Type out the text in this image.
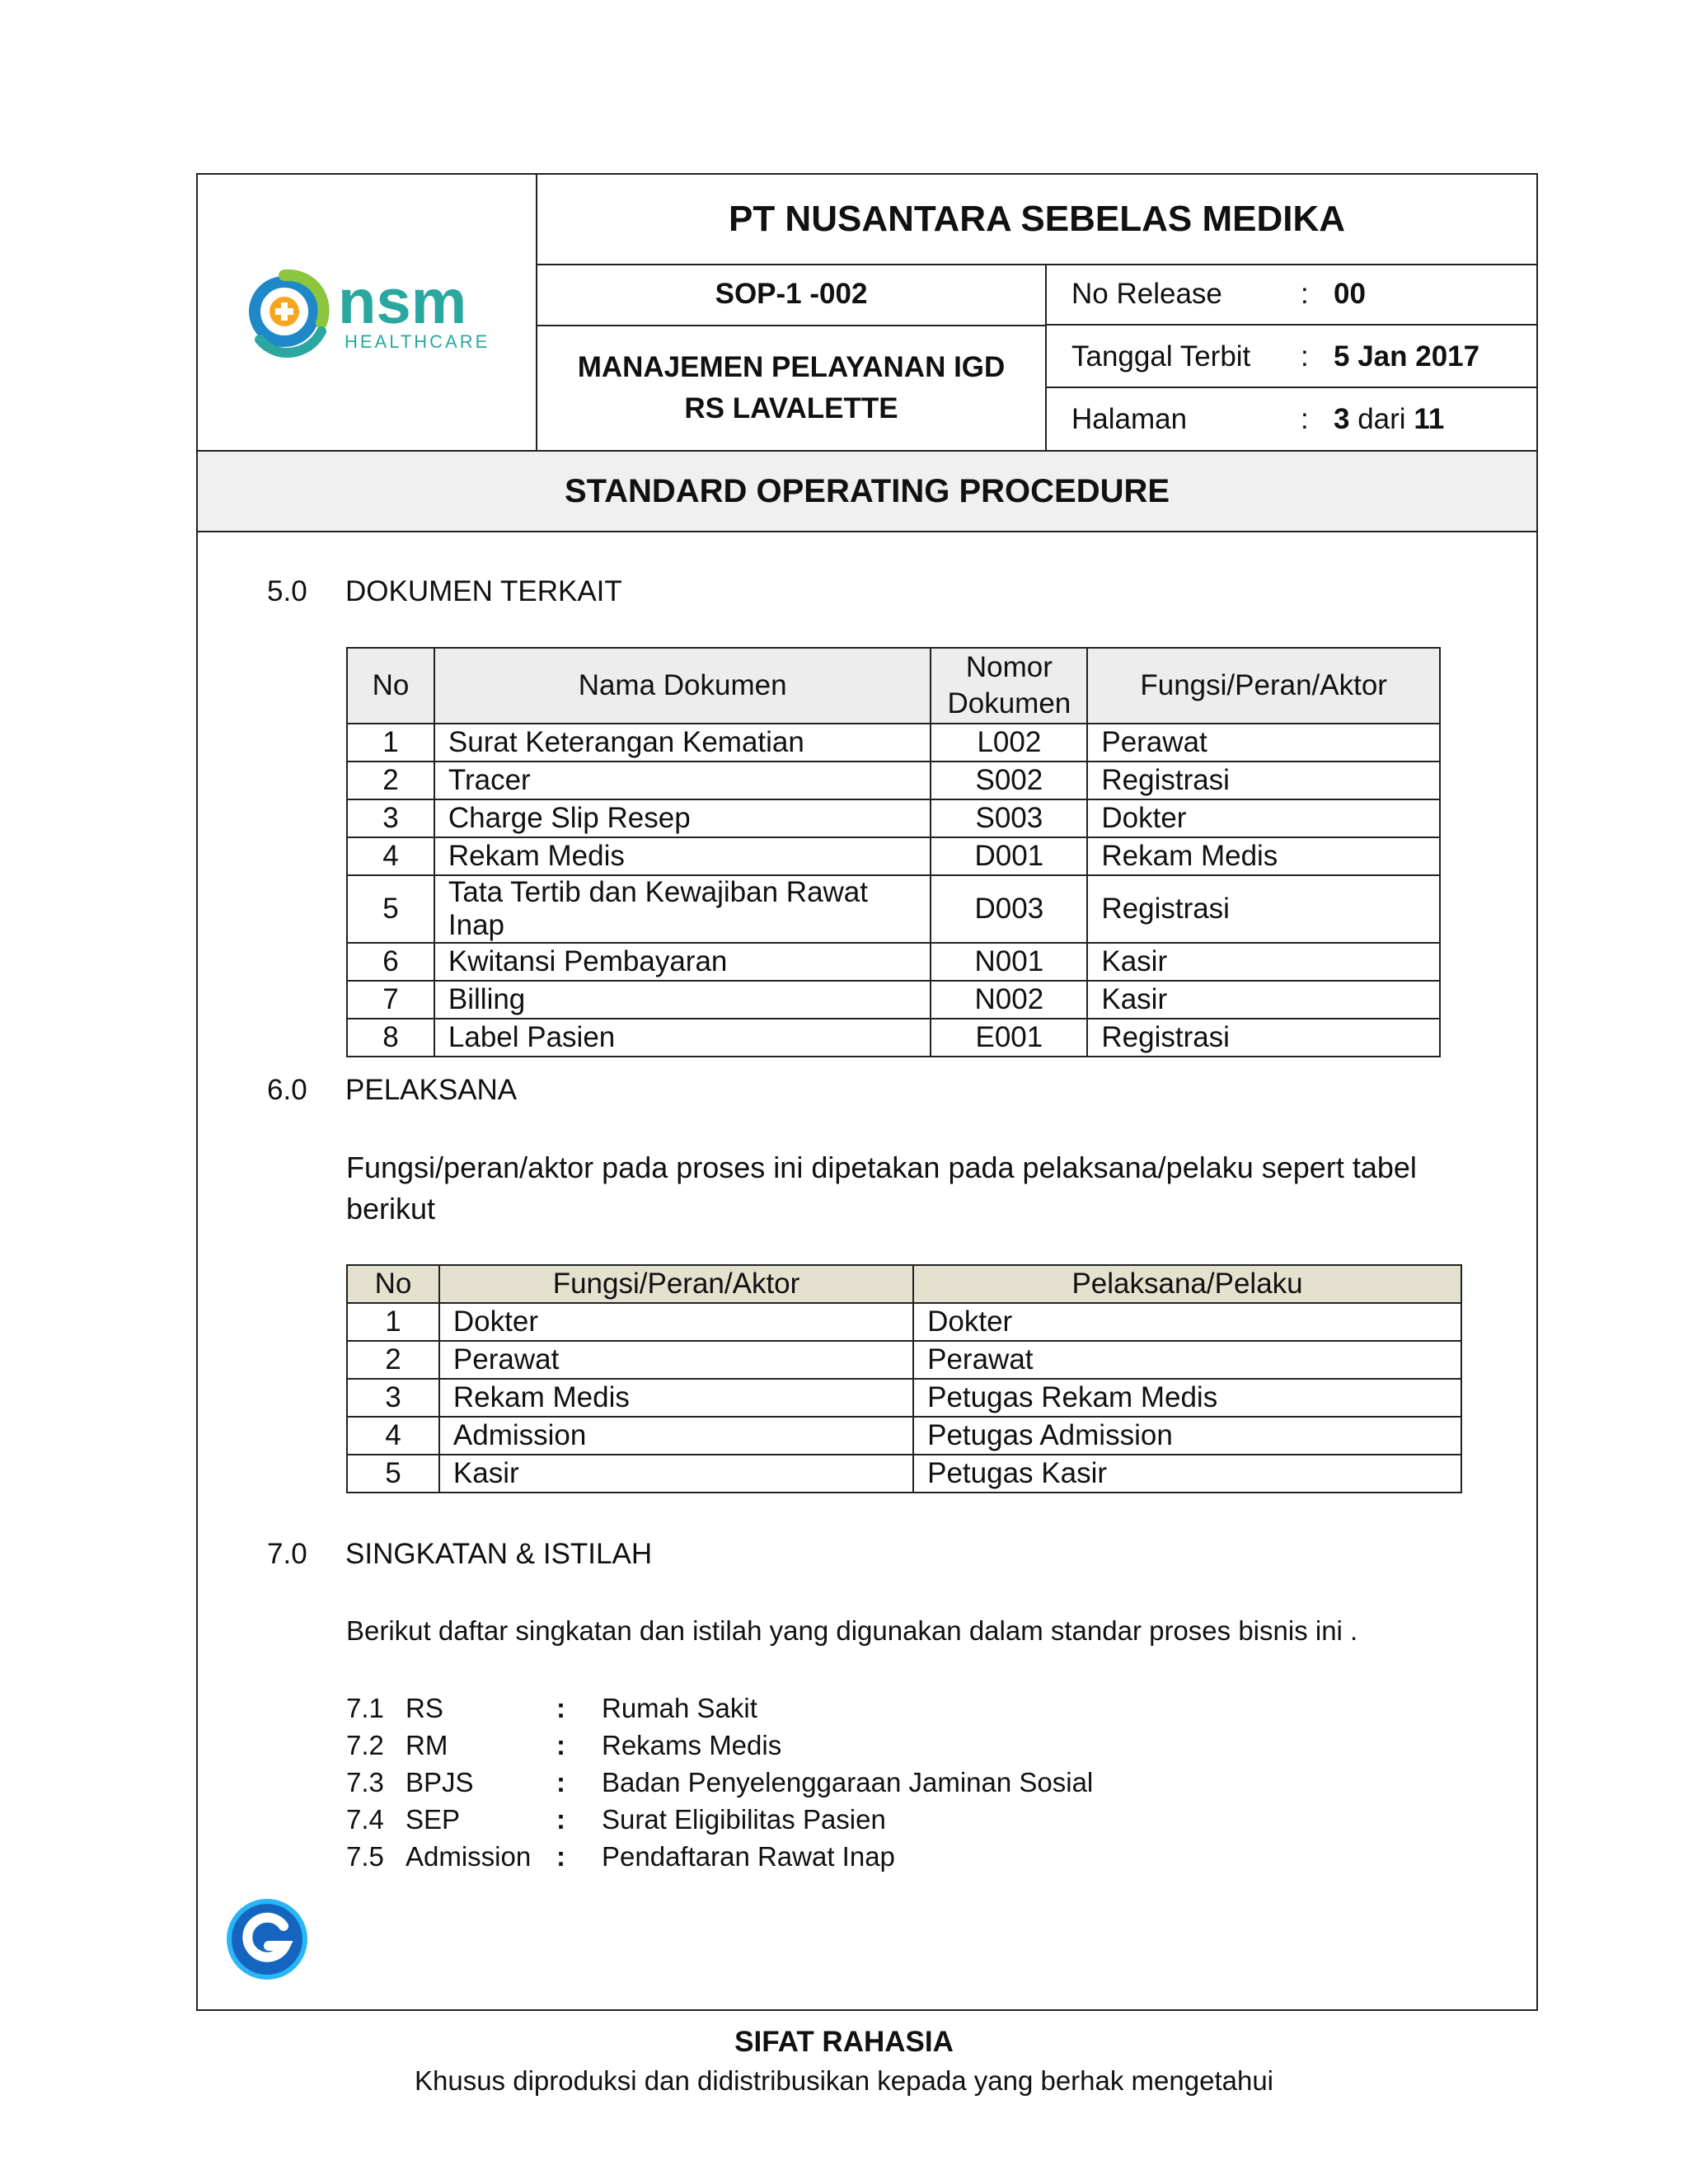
nsm
HEALTHCARE
PT NUSANTARA SEBELAS MEDIKA
SOP-1 -002
MANAJEMEN PELAYANAN IGD
RS LAVALETTE
No Release	: 00
Tanggal Terbit : 5 Jan 2017
Halaman	: 3 dari 11
STANDARD OPERATING PROCEDURE
5.0 DOKUMEN TERKAIT
No	Nama Dokumen	Nomor Dokumen	Fungsi/Peran/Aktor
1	Surat Keterangan Kematian	L002	Perawat
2	Tracer	S002	Registrasi
3	Charge Slip Resep	S003	Dokter
4	Rekam Medis	D001	Rekam Medis
5	Tata Tertib dan Kewajiban Rawat Inap	D003	Registrasi
6	Kwitansi Pembayaran	N001	Kasir
7	Billing	N002	Kasir
8	Label Pasien	E001	Registrasi
6.0 PELAKSANA
Fungsi/peran/aktor pada proses ini dipetakan pada pelaksana/pelaku sepert tabel
berikut
No	Fungsi/Peran/Aktor	Pelaksana/Pelaku
1	Dokter	Dokter
2	Perawat	Perawat
3	Rekam Medis	Petugas Rekam Medis
4	Admission	Petugas Admission
5	Kasir	Petugas Kasir
7.0 SINGKATAN & ISTILAH
Berikut daftar singkatan dan istilah yang digunakan dalam standar proses bisnis ini .
7.1 RS	: Rumah Sakit
7.2 RM	: Rekams Medis
7.3 BPJS	: Badan Penyelenggaraan Jaminan Sosial
7.4 SEP	: Surat Eligibilitas Pasien
7.5 Admission : Pendaftaran Rawat Inap
SIFAT RAHASIA
Khusus diproduksi dan didistribusikan kepada yang berhak mengetahui
